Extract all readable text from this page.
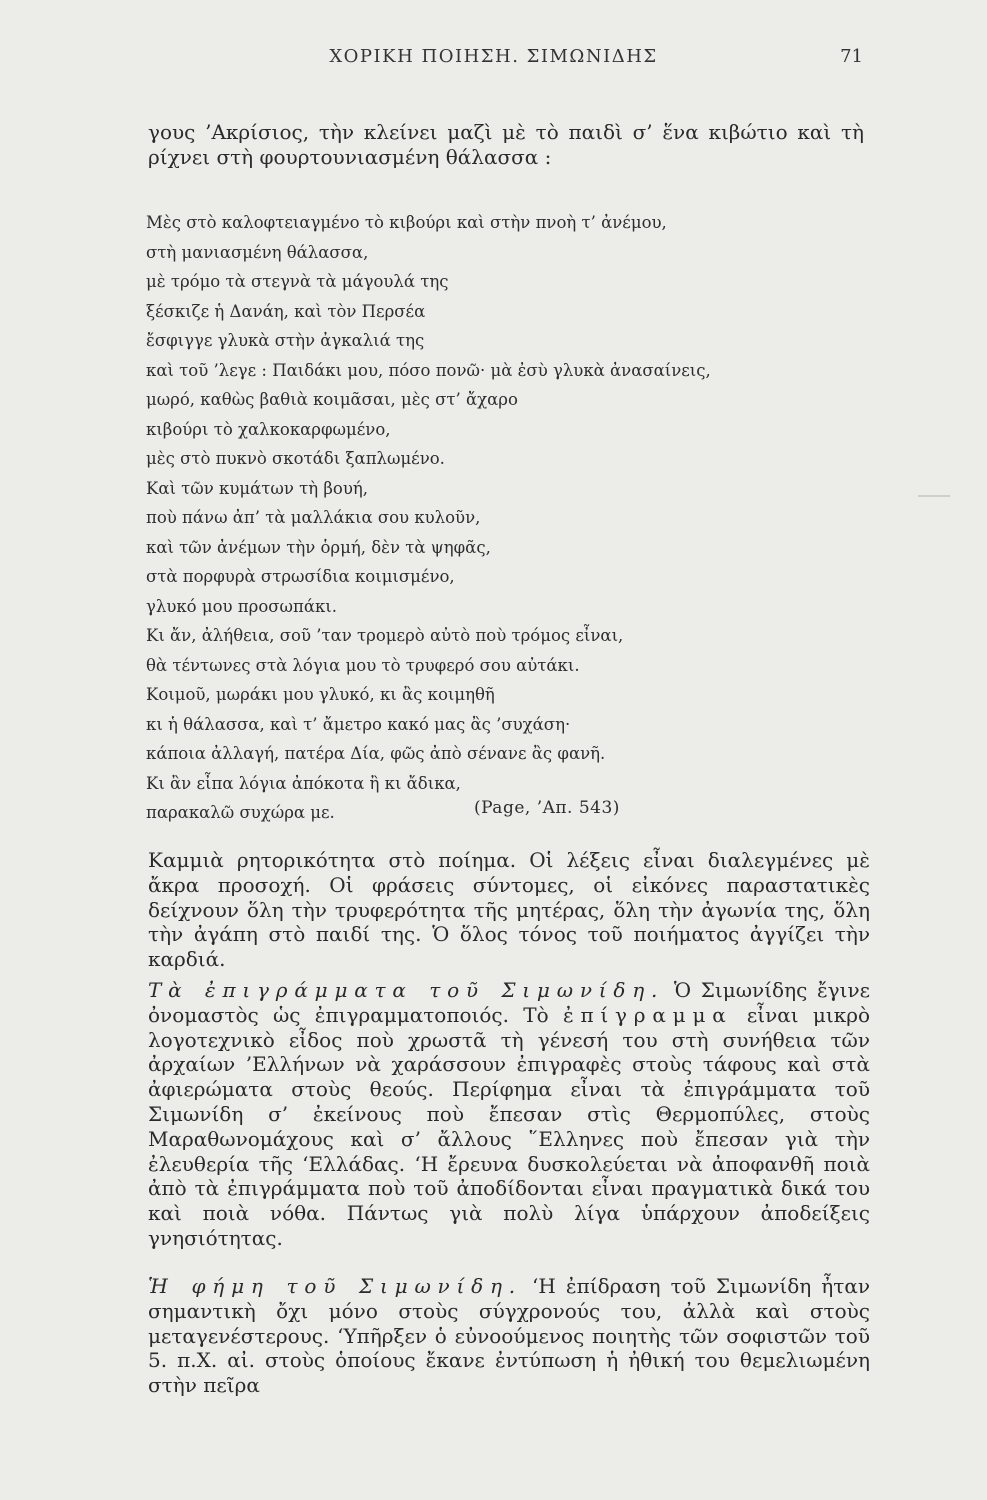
ΧΟΡΙΚΗ ΠΟΙΗΣΗ. ΣΙΜΩΝΙΔΗΣ	71
γους ’Ακρίσιος, τὴν κλείνει μαζὶ μὲ τὸ παιδὶ σ’ ἕνα κιβώτιο καὶ τὴ ρίχνει στὴ φουρτουνιασμένη θάλασσα :
Μὲς στὸ καλοφτειαγμένο τὸ κιβούρι καὶ στὴν πνοὴ τ’ ἀνέμου,
στὴ μανιασμένη θάλασσα,
μὲ τρόμο τὰ στεγνὰ τὰ μάγουλά της
ξέσκιζε ἡ Δανάη, καὶ τὸν Περσέα
ἔσφιγγε γλυκὰ στὴν ἀγκαλιά της
καὶ τοῦ ’λεγε : Παιδάκι μου, πόσο πονῶ· μὰ ἐσὺ γλυκὰ ἀνασαίνεις,
μωρό, καθὼς βαθιὰ κοιμᾶσαι, μὲς στ’ ἄχαρο
κιβούρι τὸ χαλκοκαρφωμένο,
μὲς στὸ πυκνὸ σκοτάδι ξαπλωμένο.
Καὶ τῶν κυμάτων τὴ βουή,
ποὺ πάνω ἀπ’ τὰ μαλλάκια σου κυλοῦν,
καὶ τῶν ἀνέμων τὴν ὁρμή, δὲν τὰ ψηφᾶς,
στὰ πορφυρὰ στρωσίδια κοιμισμένο,
γλυκό μου προσωπάκι.
Κι ἄν, ἀλήθεια, σοῦ ’ταν τρομερὸ αὐτὸ ποὺ τρόμος εἶναι,
θὰ τέντωνες στὰ λόγια μου τὸ τρυφερό σου αὐτάκι.
Κοιμοῦ, μωράκι μου γλυκό, κι ἂς κοιμηθῆ
κι ἡ θάλασσα, καὶ τ’ ἄμετρο κακό μας ἂς ’συχάση·
κάποια ἀλλαγή, πατέρα Δία, φῶς ἀπὸ σένανε ἂς φανῆ.
Κι ἂν εἶπα λόγια ἀπόκοτα ἢ κι ἄδικα,
παρακαλῶ συχώρα με.	(Page, ’Απ. 543)
Καμμιὰ ρητορικότητα στὸ ποίημα. Οἱ λέξεις εἶναι διαλεγμένες μὲ ἄκρα προσοχή. Οἱ φράσεις σύντομες, οἱ εἰκόνες παραστατικὲς δείχνουν ὅλη τὴν τρυφερότητα τῆς μητέρας, ὅλη τὴν ἀγωνία της, ὅλη τὴν ἀγάπη στὸ παιδί της. Ὁ ὅλος τόνος τοῦ ποιήματος ἀγγίζει τὴν καρδιά.
Τὰ ἐπιγράμματα τοῦ Σιμωνίδη. Ὁ Σιμωνίδης ἔγινε ὀνομαστὸς ὡς ἐπιγραμματοποιός. Τὸ ἐπίγραμμα εἶναι μικρὸ λογοτεχνικὸ εἶδος ποὺ χρωστᾶ τὴ γένεσή του στὴ συνήθεια τῶν ἀρχαίων ’Ελλήνων νὰ χαράσσουν ἐπιγραφὲς στοὺς τάφους καὶ στὰ ἀφιερώματα στοὺς θεούς. Περίφημα εἶναι τὰ ἐπιγράμματα τοῦ Σιμωνίδη σ’ ἐκείνους ποὺ ἔπεσαν στὶς Θερμοπύλες, στοὺς Μαραθωνομάχους καὶ σ’ ἄλλους ῞Ελληνες ποὺ ἔπεσαν γιὰ τὴν ἐλευθερία τῆς ‘Ελλάδας. ‘Η ἔρευνα δυσκολεύεται νὰ ἀποφανθῆ ποιὰ ἀπὸ τὰ ἐπιγράμματα ποὺ τοῦ ἀποδίδονται εἶναι πραγματικὰ δικά του καὶ ποιὰ νόθα. Πάντως γιὰ πολὺ λίγα ὑπάρχουν ἀποδείξεις γνησιότητας.
Ἡ φήμη τοῦ Σιμωνίδη. ‘Η ἐπίδραση τοῦ Σιμωνίδη ἦταν σημαντικὴ ὄχι μόνο στοὺς σύγχρονούς του, ἀλλὰ καὶ στοὺς μεταγενέστερους. ‘Υπῆρξεν ὁ εὐνοούμενος ποιητὴς τῶν σοφιστῶν τοῦ 5. π.Χ. αἰ. στοὺς ὁποίους ἔκανε ἐντύπωση ἡ ἠθική του θεμελιωμένη στὴν πεῖρα
